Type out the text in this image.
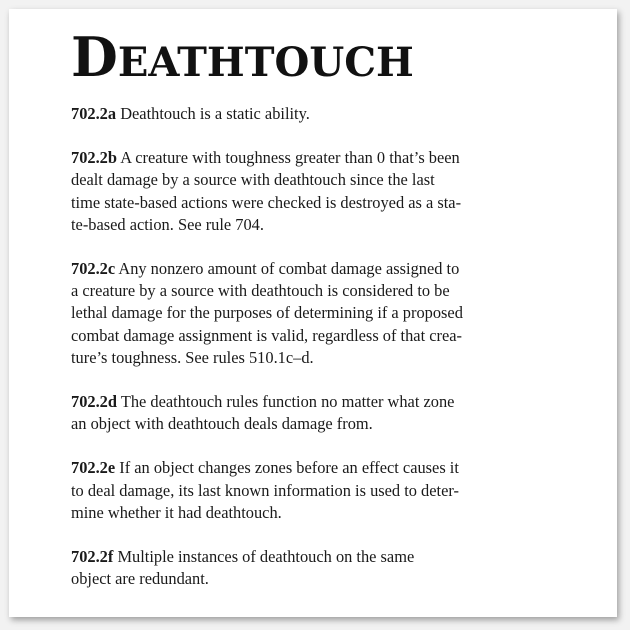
DEATHTOUCH

702.2a Deathtouch is a static ability.

702.2b A creature with toughness greater than 0 that’s been
dealt damage by a source with deathtouch since the last
time state-based actions were checked is destroyed as a sta-
te-based action. See rule 704.

702.2c Any nonzero amount of combat damage assigned to
a creature by a source with deathtouch is considered to be
lethal damage for the purposes of determining if a proposed
combat damage assignment is valid, regardless of that crea-
ture’s toughness. See rules 510.1c–d.

702.2d The deathtouch rules function no matter what zone
an object with deathtouch deals damage from.

702.2e If an object changes zones before an effect causes it
to deal damage, its last known information is used to deter-
mine whether it had deathtouch.

702.2f Multiple instances of deathtouch on the same
object are redundant.
